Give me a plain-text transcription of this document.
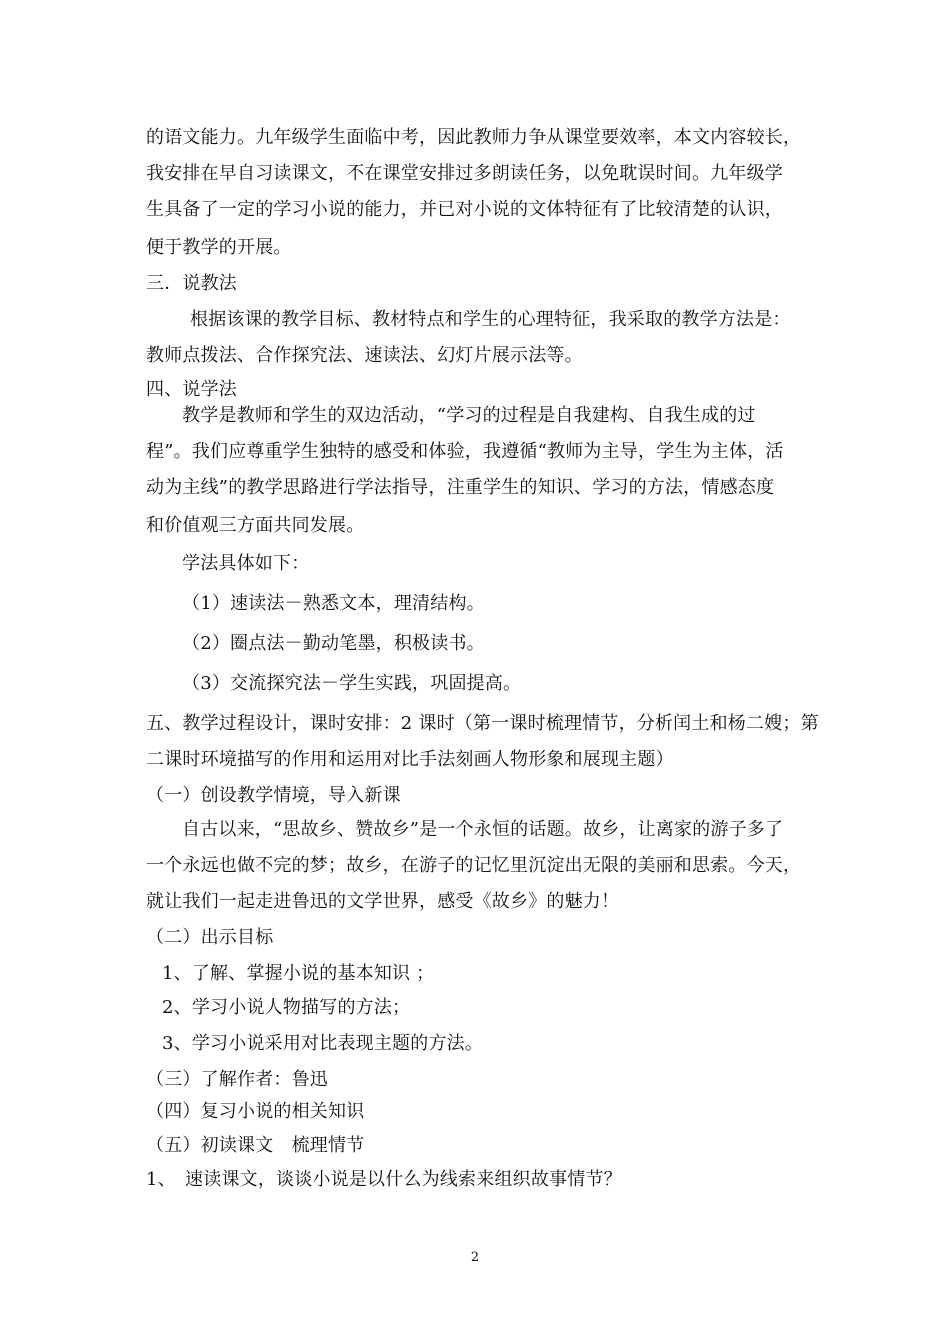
的语文能力。九年级学生面临中考，因此教师力争从课堂要效率，本文内容较长，
我安排在早自习读课文，不在课堂安排过多朗读任务，以免耽误时间。九年级学
生具备了一定的学习小说的能力，并已对小说的文体特征有了比较清楚的认识，
便于教学的开展。
三．说教法
根据该课的教学目标、教材特点和学生的心理特征，我采取的教学方法是：
教师点拨法、合作探究法、速读法、幻灯片展示法等。
四、说学法
教学是教师和学生的双边活动，“学习的过程是自我建构、自我生成的过
程”。我们应尊重学生独特的感受和体验，我遵循“教师为主导，学生为主体，活
动为主线”的教学思路进行学法指导，注重学生的知识、学习的方法，情感态度
和价值观三方面共同发展。
学法具体如下：
（1）速读法－熟悉文本，理清结构。
（2）圈点法－勤动笔墨，积极读书。
（3）交流探究法－学生实践，巩固提高。
五、教学过程设计，课时安排：2 课时（第一课时梳理情节，分析闰土和杨二嫂；第
二课时环境描写的作用和运用对比手法刻画人物形象和展现主题）
（一）创设教学情境，导入新课
自古以来，“思故乡、赞故乡”是一个永恒的话题。故乡，让离家的游子多了
一个永远也做不完的梦；故乡，在游子的记忆里沉淀出无限的美丽和思索。今天，
就让我们一起走进鲁迅的文学世界，感受《故乡》的魅力！
（二）出示目标
1、了解、掌握小说的基本知识 ；
2、学习小说人物描写的方法；
3、学习小说采用对比表现主题的方法。
（三）了解作者：鲁迅
（四）复习小说的相关知识
（五）初读课文　梳理情节
1、　速读课文，谈谈小说是以什么为线索来组织故事情节？
2
